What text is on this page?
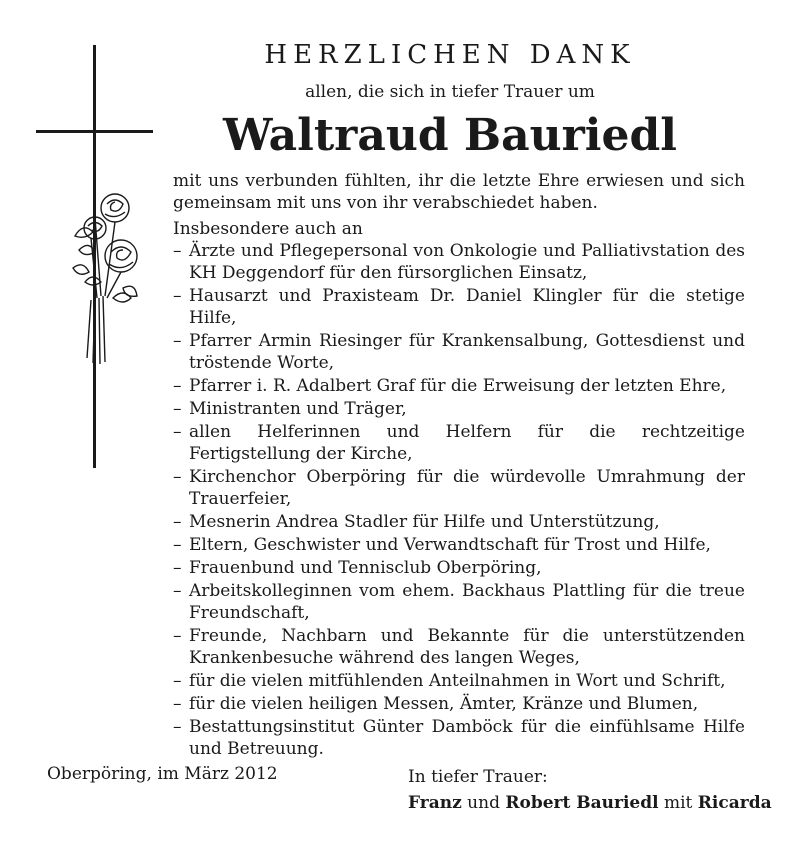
HERZLICHEN DANK
allen, die sich in tiefer Trauer um
Waltraud Bauriedl

mit uns verbunden fühlten, ihr die letzte Ehre erwiesen und sich gemeinsam mit uns von ihr verabschiedet haben.

Insbesondere auch an

– Ärzte und Pflegepersonal von Onkologie und Palliativstation des KH Deggendorf für den fürsorglichen Einsatz,
– Hausarzt und Praxisteam Dr. Daniel Klingler für die stetige Hilfe,
– Pfarrer Armin Riesinger für Krankensalbung, Gottesdienst und tröstende Worte,
– Pfarrer i. R. Adalbert Graf für die Erweisung der letzten Ehre,
– Ministranten und Träger,
– allen Helferinnen und Helfern für die rechtzeitige Fertigstellung der Kirche,
– Kirchenchor Oberpöring für die würdevolle Umrahmung der Trauerfeier,
– Mesnerin Andrea Stadler für Hilfe und Unterstützung,
– Eltern, Geschwister und Verwandtschaft für Trost und Hilfe,
– Frauenbund und Tennisclub Oberpöring,
– Arbeitskolleginnen vom ehem. Backhaus Plattling für die treue Freundschaft,
– Freunde, Nachbarn und Bekannte für die unterstützenden Krankenbesuche während des langen Weges,
– für die vielen mitfühlenden Anteilnahmen in Wort und Schrift,
– für die vielen heiligen Messen, Ämter, Kränze und Blumen,
– Bestattungsinstitut Günter Damböck für die einfühlsame Hilfe und Betreuung.
Oberpöring, im März 2012	In tiefer Trauer:
Franz und Robert Bauriedl mit Ricarda
